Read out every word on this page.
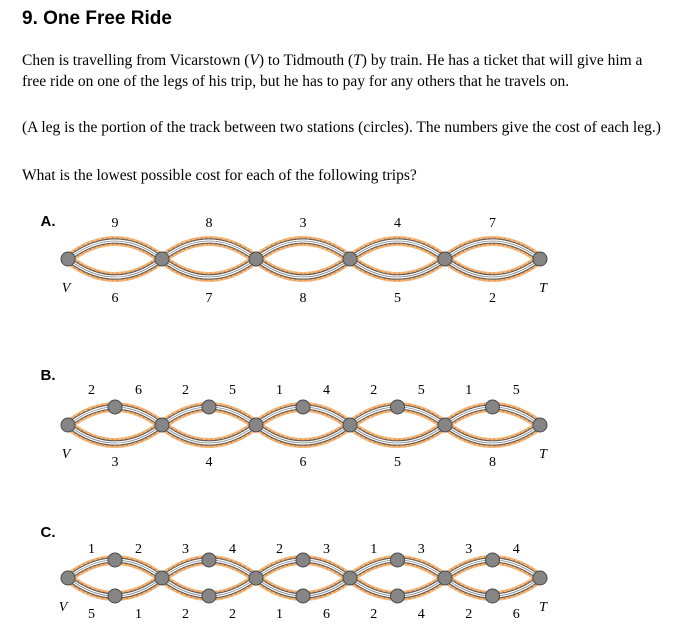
9. One Free Ride
Chen is travelling from Vicarstown (V) to Tidmouth (T) by train. He has a ticket that will give him a free ride on one of the legs of his trip, but he has to pay for any others that he travels on.
(A leg is the portion of the track between two stations (circles). The numbers give the cost of each leg.)
What is the lowest possible cost for each of the following trips?
A.	9	8	3	4	7
6	7	8	5	2
V	T
B.
2	6	2	5	1	4	2	5	1	5
3	4	6	5	8
V	T
C.
1	2	3	4	2	3	1	3	3	4
5	1	2	2	1	6	2	4	2	6
V	T
